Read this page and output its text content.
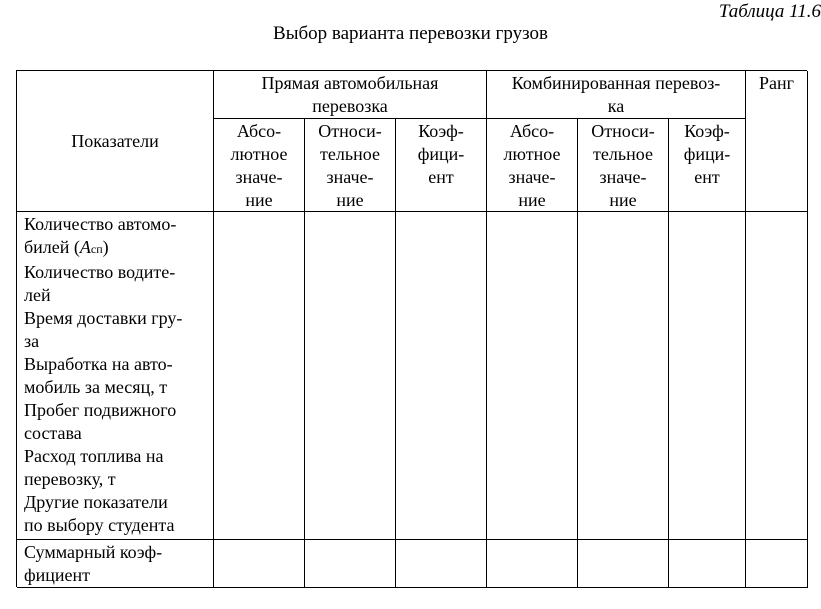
Таблица 11.6
Выбор варианта перевозки грузов
Показатели
Прямая автомобильная
перевозка
Комбинированная перевоз-
ка
Ранг
Абсо-
лютное
значе-
ние
Относи-
тельное
значе-
ние
Коэф-
фици-
ент
Абсо-
лютное
значе-
ние
Относи-
тельное
значе-
ние
Коэф-
фици-
ент
Количество автомо-
билей (Асп)
Количество водите-
лей
Время доставки гру-
за
Выработка на авто-
мобиль за месяц, т
Пробег подвижного
состава
Расход топлива на
перевозку, т
Другие показатели
по выбору студента
Суммарный коэф-
фициент
